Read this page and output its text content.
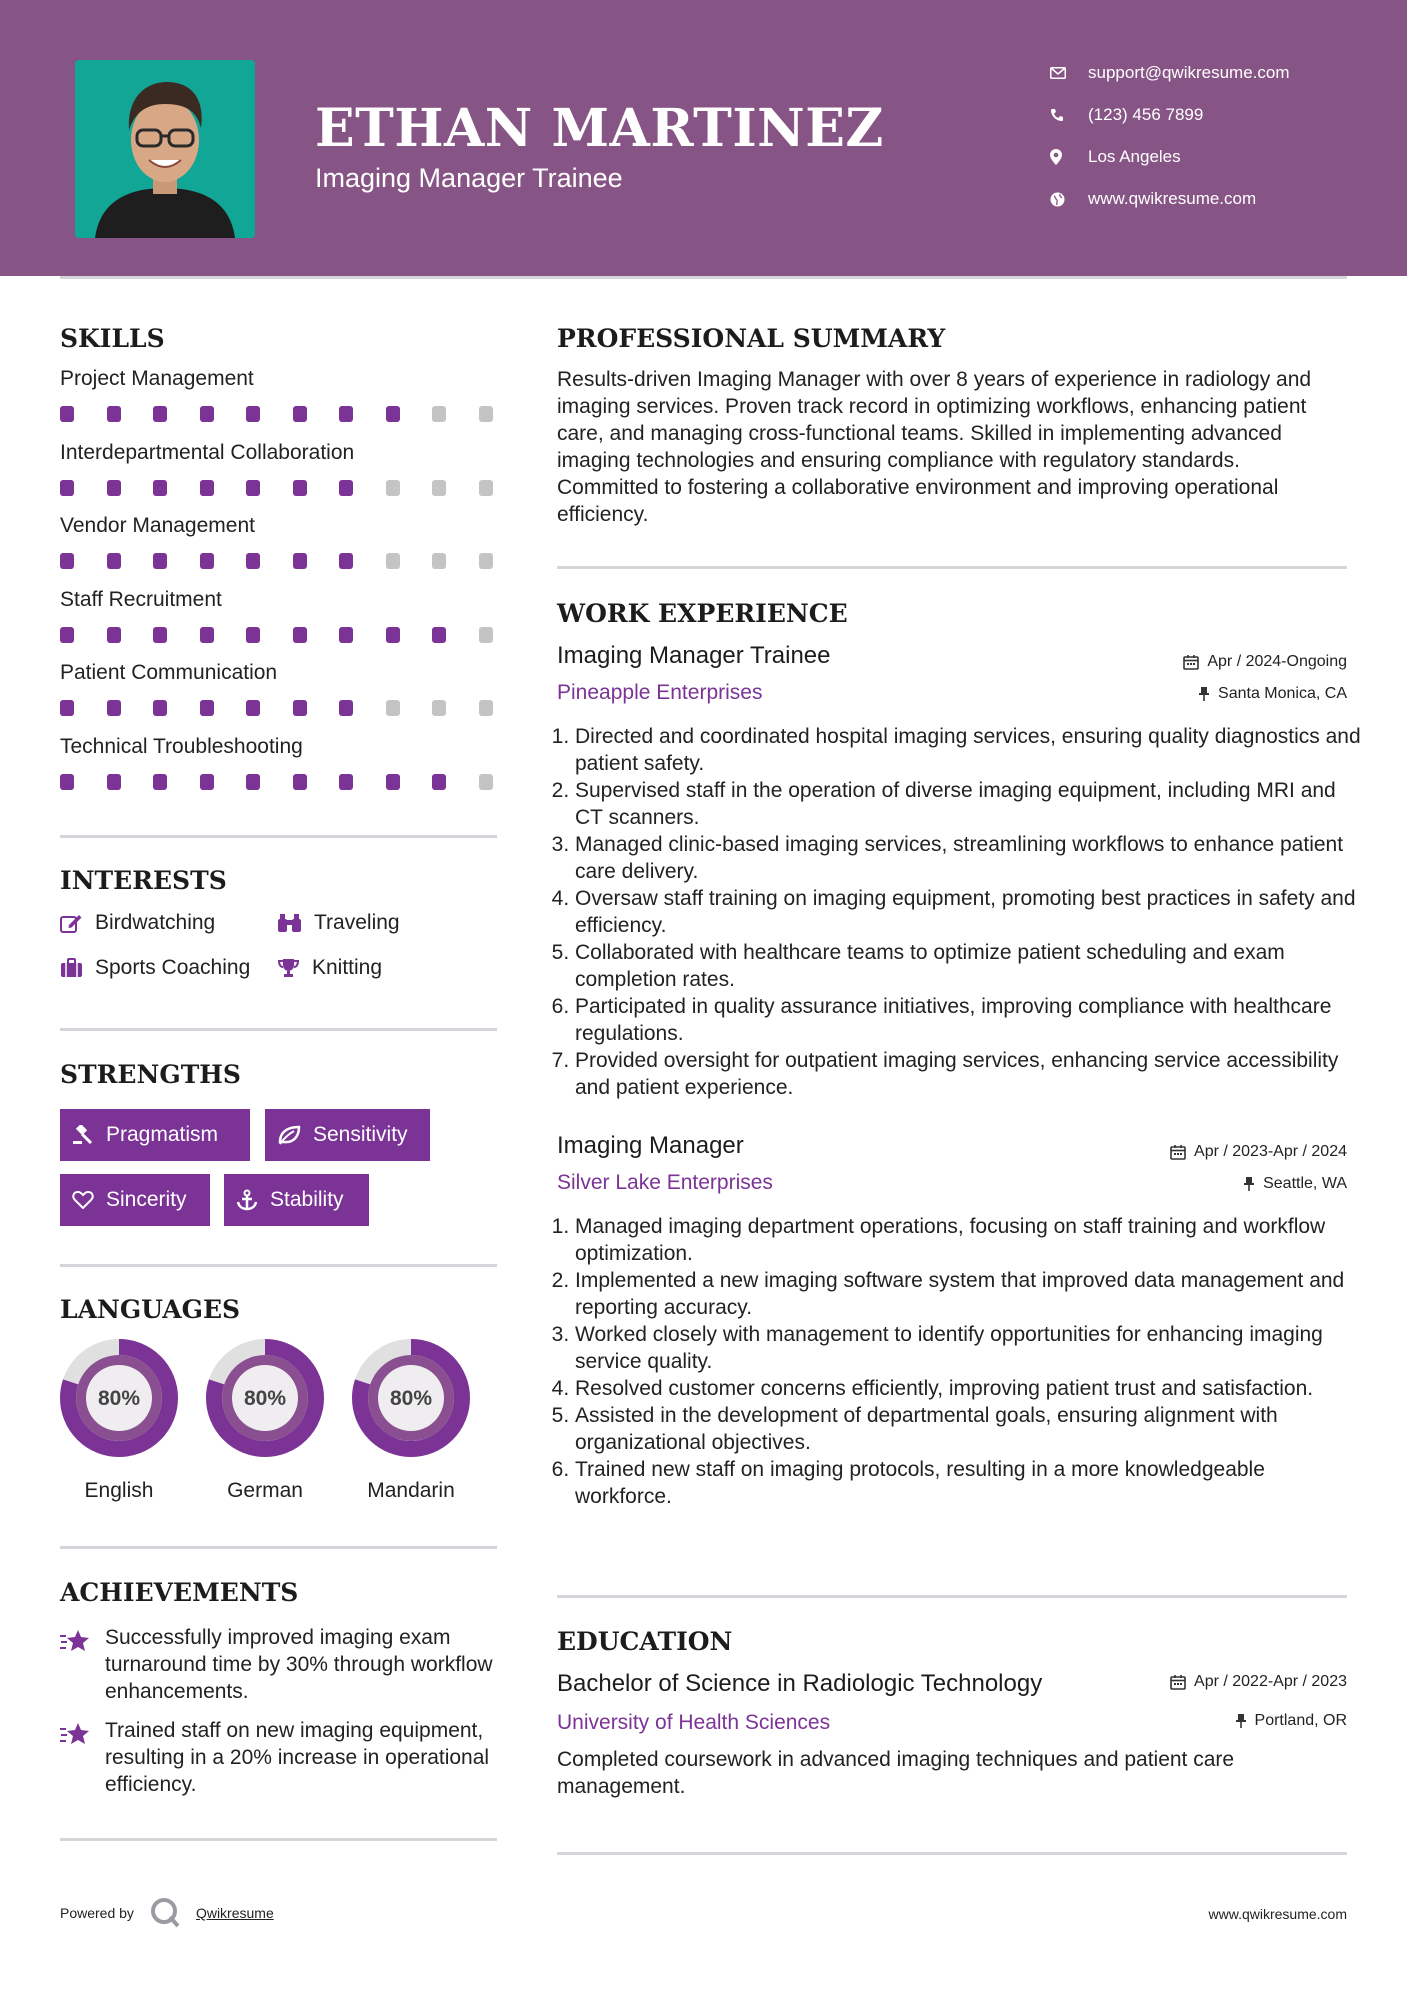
ETHAN MARTINEZ
Imaging Manager Trainee
support@qwikresume.com
(123) 456 7899
Los Angeles
www.qwikresume.com
SKILLS
Project Management
Interdepartmental Collaboration
Vendor Management
Staff Recruitment
Patient Communication
Technical Troubleshooting
INTERESTS
Birdwatching	Traveling
Sports Coaching	Knitting
STRENGTHS
Pragmatism	Sensitivity
Sincerity	Stability
LANGUAGES
80%
English
80%
German
80%
Mandarin
ACHIEVEMENTS
Successfully improved imaging exam turnaround time by 30% through workflow enhancements.
Trained staff on new imaging equipment, resulting in a 20% increase in operational efficiency.
PROFESSIONAL SUMMARY
Results-driven Imaging Manager with over 8 years of experience in radiology and imaging services. Proven track record in optimizing workflows, enhancing patient care, and managing cross-functional teams. Skilled in implementing advanced imaging technologies and ensuring compliance with regulatory standards. Committed to fostering a collaborative environment and improving operational efficiency.
WORK EXPERIENCE
Imaging Manager Trainee	Apr / 2024-Ongoing
Pineapple Enterprises	Santa Monica, CA
1. Directed and coordinated hospital imaging services, ensuring quality diagnostics and patient safety.
2. Supervised staff in the operation of diverse imaging equipment, including MRI and CT scanners.
3. Managed clinic-based imaging services, streamlining workflows to enhance patient care delivery.
4. Oversaw staff training on imaging equipment, promoting best practices in safety and efficiency.
5. Collaborated with healthcare teams to optimize patient scheduling and exam completion rates.
6. Participated in quality assurance initiatives, improving compliance with healthcare regulations.
7. Provided oversight for outpatient imaging services, enhancing service accessibility and patient experience.
Imaging Manager	Apr / 2023-Apr / 2024
Silver Lake Enterprises	Seattle, WA
1. Managed imaging department operations, focusing on staff training and workflow optimization.
2. Implemented a new imaging software system that improved data management and reporting accuracy.
3. Worked closely with management to identify opportunities for enhancing imaging service quality.
4. Resolved customer concerns efficiently, improving patient trust and satisfaction.
5. Assisted in the development of departmental goals, ensuring alignment with organizational objectives.
6. Trained new staff on imaging protocols, resulting in a more knowledgeable workforce.
EDUCATION
Bachelor of Science in Radiologic Technology	Apr / 2022-Apr / 2023
University of Health Sciences	Portland, OR
Completed coursework in advanced imaging techniques and patient care management.
Powered by	Qwikresume	www.qwikresume.com
